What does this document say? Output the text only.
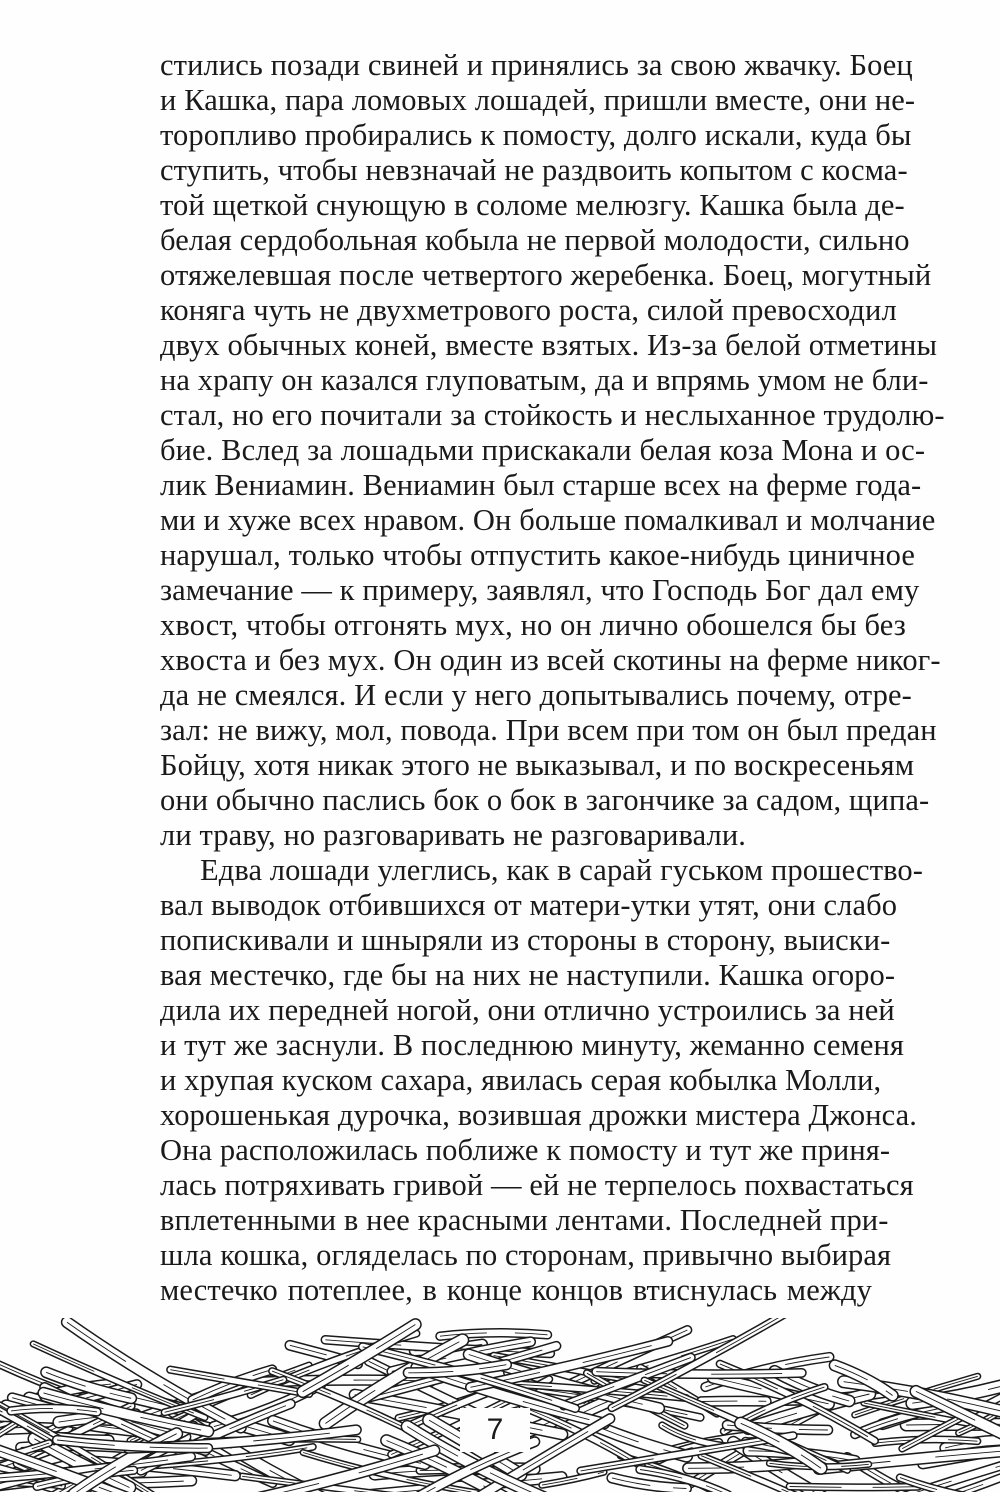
стились позади свиней и принялись за свою жвачку. Боец
и Кашка, пара ломовых лошадей, пришли вместе, они не-
торопливо пробирались к помосту, долго искали, куда бы
ступить, чтобы невзначай не раздвоить копытом с косма-
той щеткой снующую в соломе мелюзгу. Кашка была де-
белая сердобольная кобыла не первой молодости, сильно
отяжелевшая после четвертого жеребенка. Боец, могутный
коняга чуть не двухметрового роста, силой превосходил
двух обычных коней, вместе взятых. Из-за белой отметины
на храпу он казался глуповатым, да и впрямь умом не бли-
стал, но его почитали за стойкость и неслыханное трудолю-
бие. Вслед за лошадьми прискакали белая коза Мона и ос-
лик Вениамин. Вениамин был старше всех на ферме года-
ми и хуже всех нравом. Он больше помалкивал и молчание
нарушал, только чтобы отпустить какое-нибудь циничное
замечание — к примеру, заявлял, что Господь Бог дал ему
хвост, чтобы отгонять мух, но он лично обошелся бы без
хвоста и без мух. Он один из всей скотины на ферме никог-
да не смеялся. И если у него допытывались почему, отре-
зал: не вижу, мол, повода. При всем при том он был предан
Бойцу, хотя никак этого не выказывал, и по воскресеньям
они обычно паслись бок о бок в загончике за садом, щипа-
ли траву, но разговаривать не разговаривали.
Едва лошади улеглись, как в сарай гуськом прошество-
вал выводок отбившихся от матери-утки утят, они слабо
попискивали и шныряли из стороны в сторону, выиски-
вая местечко, где бы на них не наступили. Кашка огоро-
дила их передней ногой, они отлично устроились за ней
и тут же заснули. В последнюю минуту, жеманно семеня
и хрупая куском сахара, явилась серая кобылка Молли,
хорошенькая дурочка, возившая дрожки мистера Джонса.
Она расположилась поближе к помосту и тут же приня-
лась потряхивать гривой — ей не терпелось похвастаться
вплетенными в нее красными лентами. Последней при-
шла кошка, огляделась по сторонам, привычно выбирая
местечко потеплее, в конце концов втиснулась между
7
